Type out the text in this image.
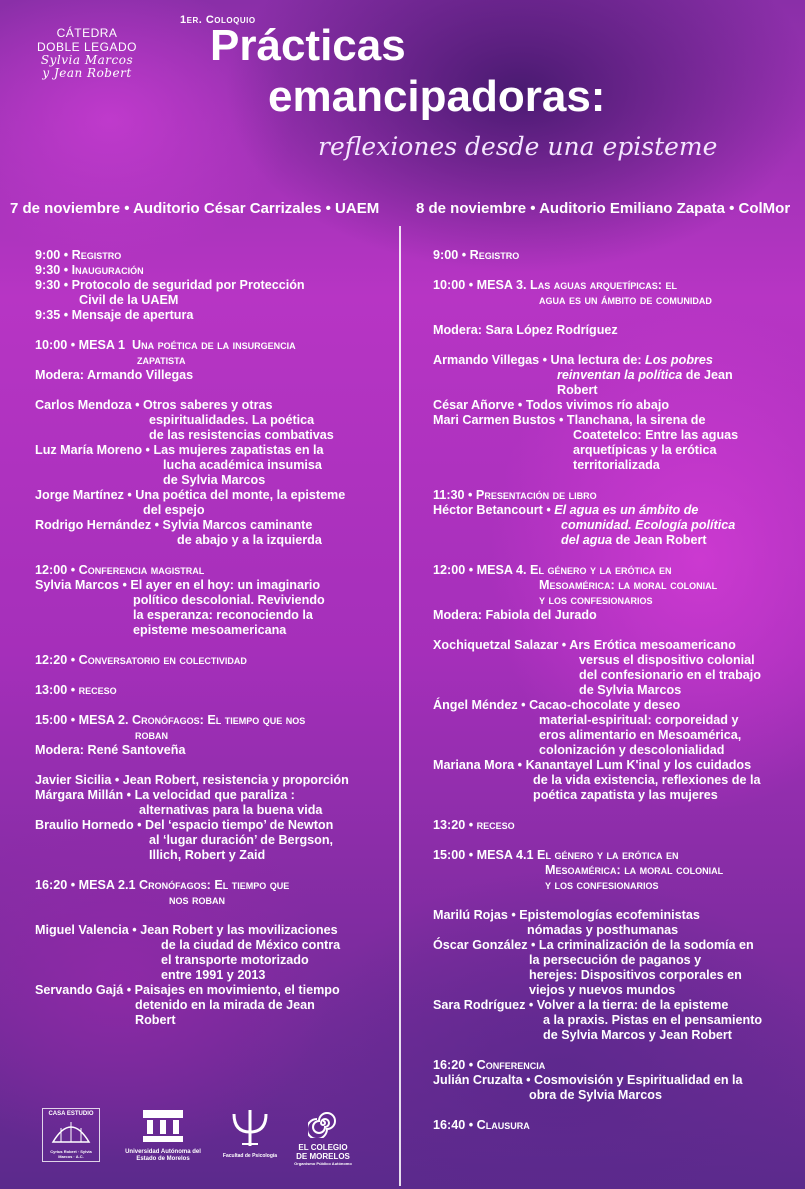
CÁTEDRA
DOBLE LEGADO
Sylvia Marcos
y Jean Robert
1er. Coloquio
Prácticas
emancipadoras:
reflexiones desde una episteme
7 de noviembre • Auditorio César Carrizales • UAEM 8 de noviembre • Auditorio Emiliano Zapata • ColMor
9:00 • Registro
9:30 • Inauguración
9:30 • Protocolo de seguridad por Protección
Civil de la UAEM
9:35 • Mensaje de apertura
10:00 • MESA 1 Una poética de la insurgencia
zapatista
Modera: Armando Villegas
Carlos Mendoza • Otros saberes y otras
espiritualidades. La poética
de las resistencias combativas
Luz María Moreno • Las mujeres zapatistas en la
lucha académica insumisa
de Sylvia Marcos
Jorge Martínez • Una poética del monte, la episteme
del espejo
Rodrigo Hernández • Sylvia Marcos caminante
de abajo y a la izquierda
12:00 • Conferencia magistral
Sylvia Marcos • El ayer en el hoy: un imaginario
político descolonial. Reviviendo
la esperanza: reconociendo la
episteme mesoamericana
12:20 • Conversatorio en colectividad
13:00 • receso
15:00 • MESA 2. Cronófagos: El tiempo que nos
roban
Modera: René Santoveña
Javier Sicilia • Jean Robert, resistencia y proporción
Márgara Millán • La velocidad que paraliza :
alternativas para la buena vida
Braulio Hornedo • Del ‘espacio tiempo’ de Newton
al ‘lugar duración’ de Bergson,
Illich, Robert y Zaid
16:20 • MESA 2.1 Cronófagos: El tiempo que
nos roban
Miguel Valencia • Jean Robert y las movilizaciones
de la ciudad de México contra
el transporte motorizado
entre 1991 y 2013
Servando Gajá • Paisajes en movimiento, el tiempo
detenido en la mirada de Jean
Robert
9:00 • Registro
10:00 • MESA 3. Las aguas arquetípicas: el
agua es un ámbito de comunidad
Modera: Sara López Rodríguez
Armando Villegas • Una lectura de: Los pobres
reinventan la política de Jean
Robert
César Añorve • Todos vivimos río abajo
Mari Carmen Bustos • Tlanchana, la sirena de
Coatetelco: Entre las aguas
arquetípicas y la erótica
territorializada
11:30 • Presentación de libro
Héctor Betancourt • El agua es un ámbito de
comunidad. Ecología política
del agua de Jean Robert
12:00 • MESA 4. El género y la erótica en
Mesoamérica: la moral colonial
y los confesionarios
Modera: Fabiola del Jurado
Xochiquetzal Salazar • Ars Erótica mesoamericano
versus el dispositivo colonial
del confesionario en el trabajo
de Sylvia Marcos
Ángel Méndez • Cacao-chocolate y deseo
material-espiritual: corporeidad y
eros alimentario en Mesoamérica,
colonización y descolonialidad
Mariana Mora • Kanantayel Lum K'inal y los cuidados
de la vida existencia, reflexiones de la
poética zapatista y las mujeres
13:20 • receso
15:00 • MESA 4.1 El género y la erótica en
Mesoamérica: la moral colonial
y los confesionarios
Marilú Rojas • Epistemologías ecofeministas
nómadas y posthumanas
Óscar González • La criminalización de la sodomía en
la persecución de paganos y
herejes: Dispositivos corporales en
viejos y nuevos mundos
Sara Rodríguez • Volver a la tierra: de la episteme
a la praxis. Pistas en el pensamiento
de Sylvia Marcos y Jean Robert
16:20 • Conferencia
Julián Cruzalta • Cosmovisión y Espiritualidad en la
obra de Sylvia Marcos
16:40 • Clausura
CASA ESTUDIO
Cyrius Robert · Sylvia Marcos · A.C.
Universidad Autónoma del
Estado de Morelos	Facultad de Psicología
EL COLEGIO
DE MORELOS
Organismo Público Autónomo
